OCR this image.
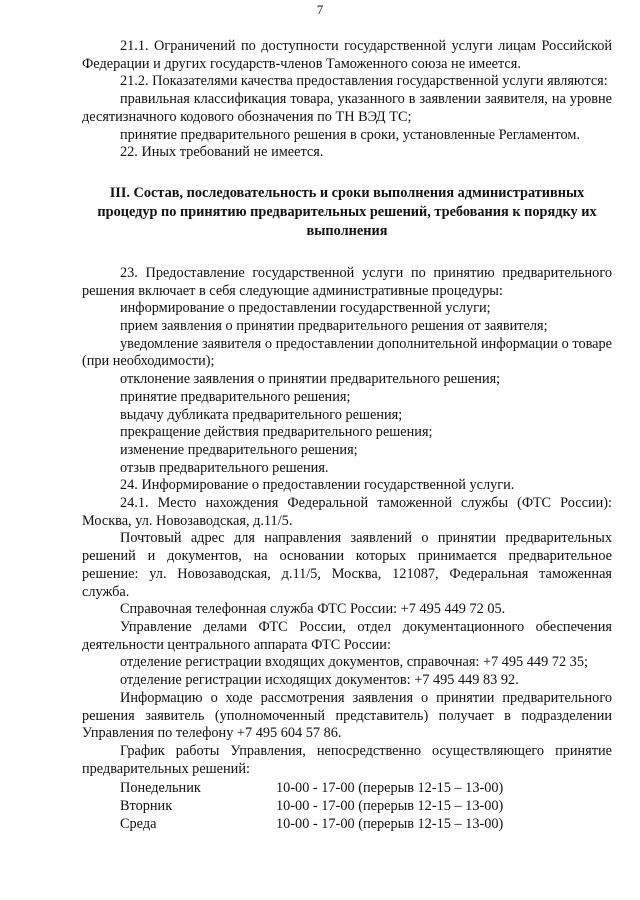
7

21.1. Ограничений по доступности государственной услуги лицам Российской Федерации и других государств-членов Таможенного союза не имеется.

21.2. Показателями качества предоставления государственной услуги являются:

правильная классификация товара, указанного в заявлении заявителя, на уровне десятизначного кодового обозначения по ТН ВЭД ТС;

принятие предварительного решения в сроки, установленные Регламентом.

22. Иных требований не имеется.

III. Состав, последовательность и сроки выполнения административных процедур по принятию предварительных решений, требования к порядку их выполнения

23. Предоставление государственной услуги по принятию предварительного решения включает в себя следующие административные процедуры:

информирование о предоставлении государственной услуги;

прием заявления о принятии предварительного решения от заявителя;

уведомление заявителя о предоставлении дополнительной информации о товаре (при необходимости);

отклонение заявления о принятии предварительного решения;

принятие предварительного решения;

выдачу дубликата предварительного решения;

прекращение действия предварительного решения;

изменение предварительного решения;

отзыв предварительного решения.

24. Информирование о предоставлении государственной услуги.

24.1. Место нахождения Федеральной таможенной службы (ФТС России): Москва, ул. Новозаводская, д.11/5.

Почтовый адрес для направления заявлений о принятии предварительных решений и документов, на основании которых принимается предварительное решение: ул. Новозаводская, д.11/5, Москва, 121087, Федеральная таможенная служба.

Справочная телефонная служба ФТС России: +7 495 449 72 05.

Управление делами ФТС России, отдел документационного обеспечения деятельности центрального аппарата ФТС России:

отделение регистрации входящих документов, справочная: +7 495 449 72 35;

отделение регистрации исходящих документов: +7 495 449 83 92.

Информацию о ходе рассмотрения заявления о принятии предварительного решения заявитель (уполномоченный представитель) получает в подразделении Управления по телефону +7 495 604 57 86.

График работы Управления, непосредственно осуществляющего принятие предварительных решений:

Понедельник	10-00 - 17-00 (перерыв 12-15 – 13-00)
Вторник	10-00 - 17-00 (перерыв 12-15 – 13-00)
Среда	10-00 - 17-00 (перерыв 12-15 – 13-00)
